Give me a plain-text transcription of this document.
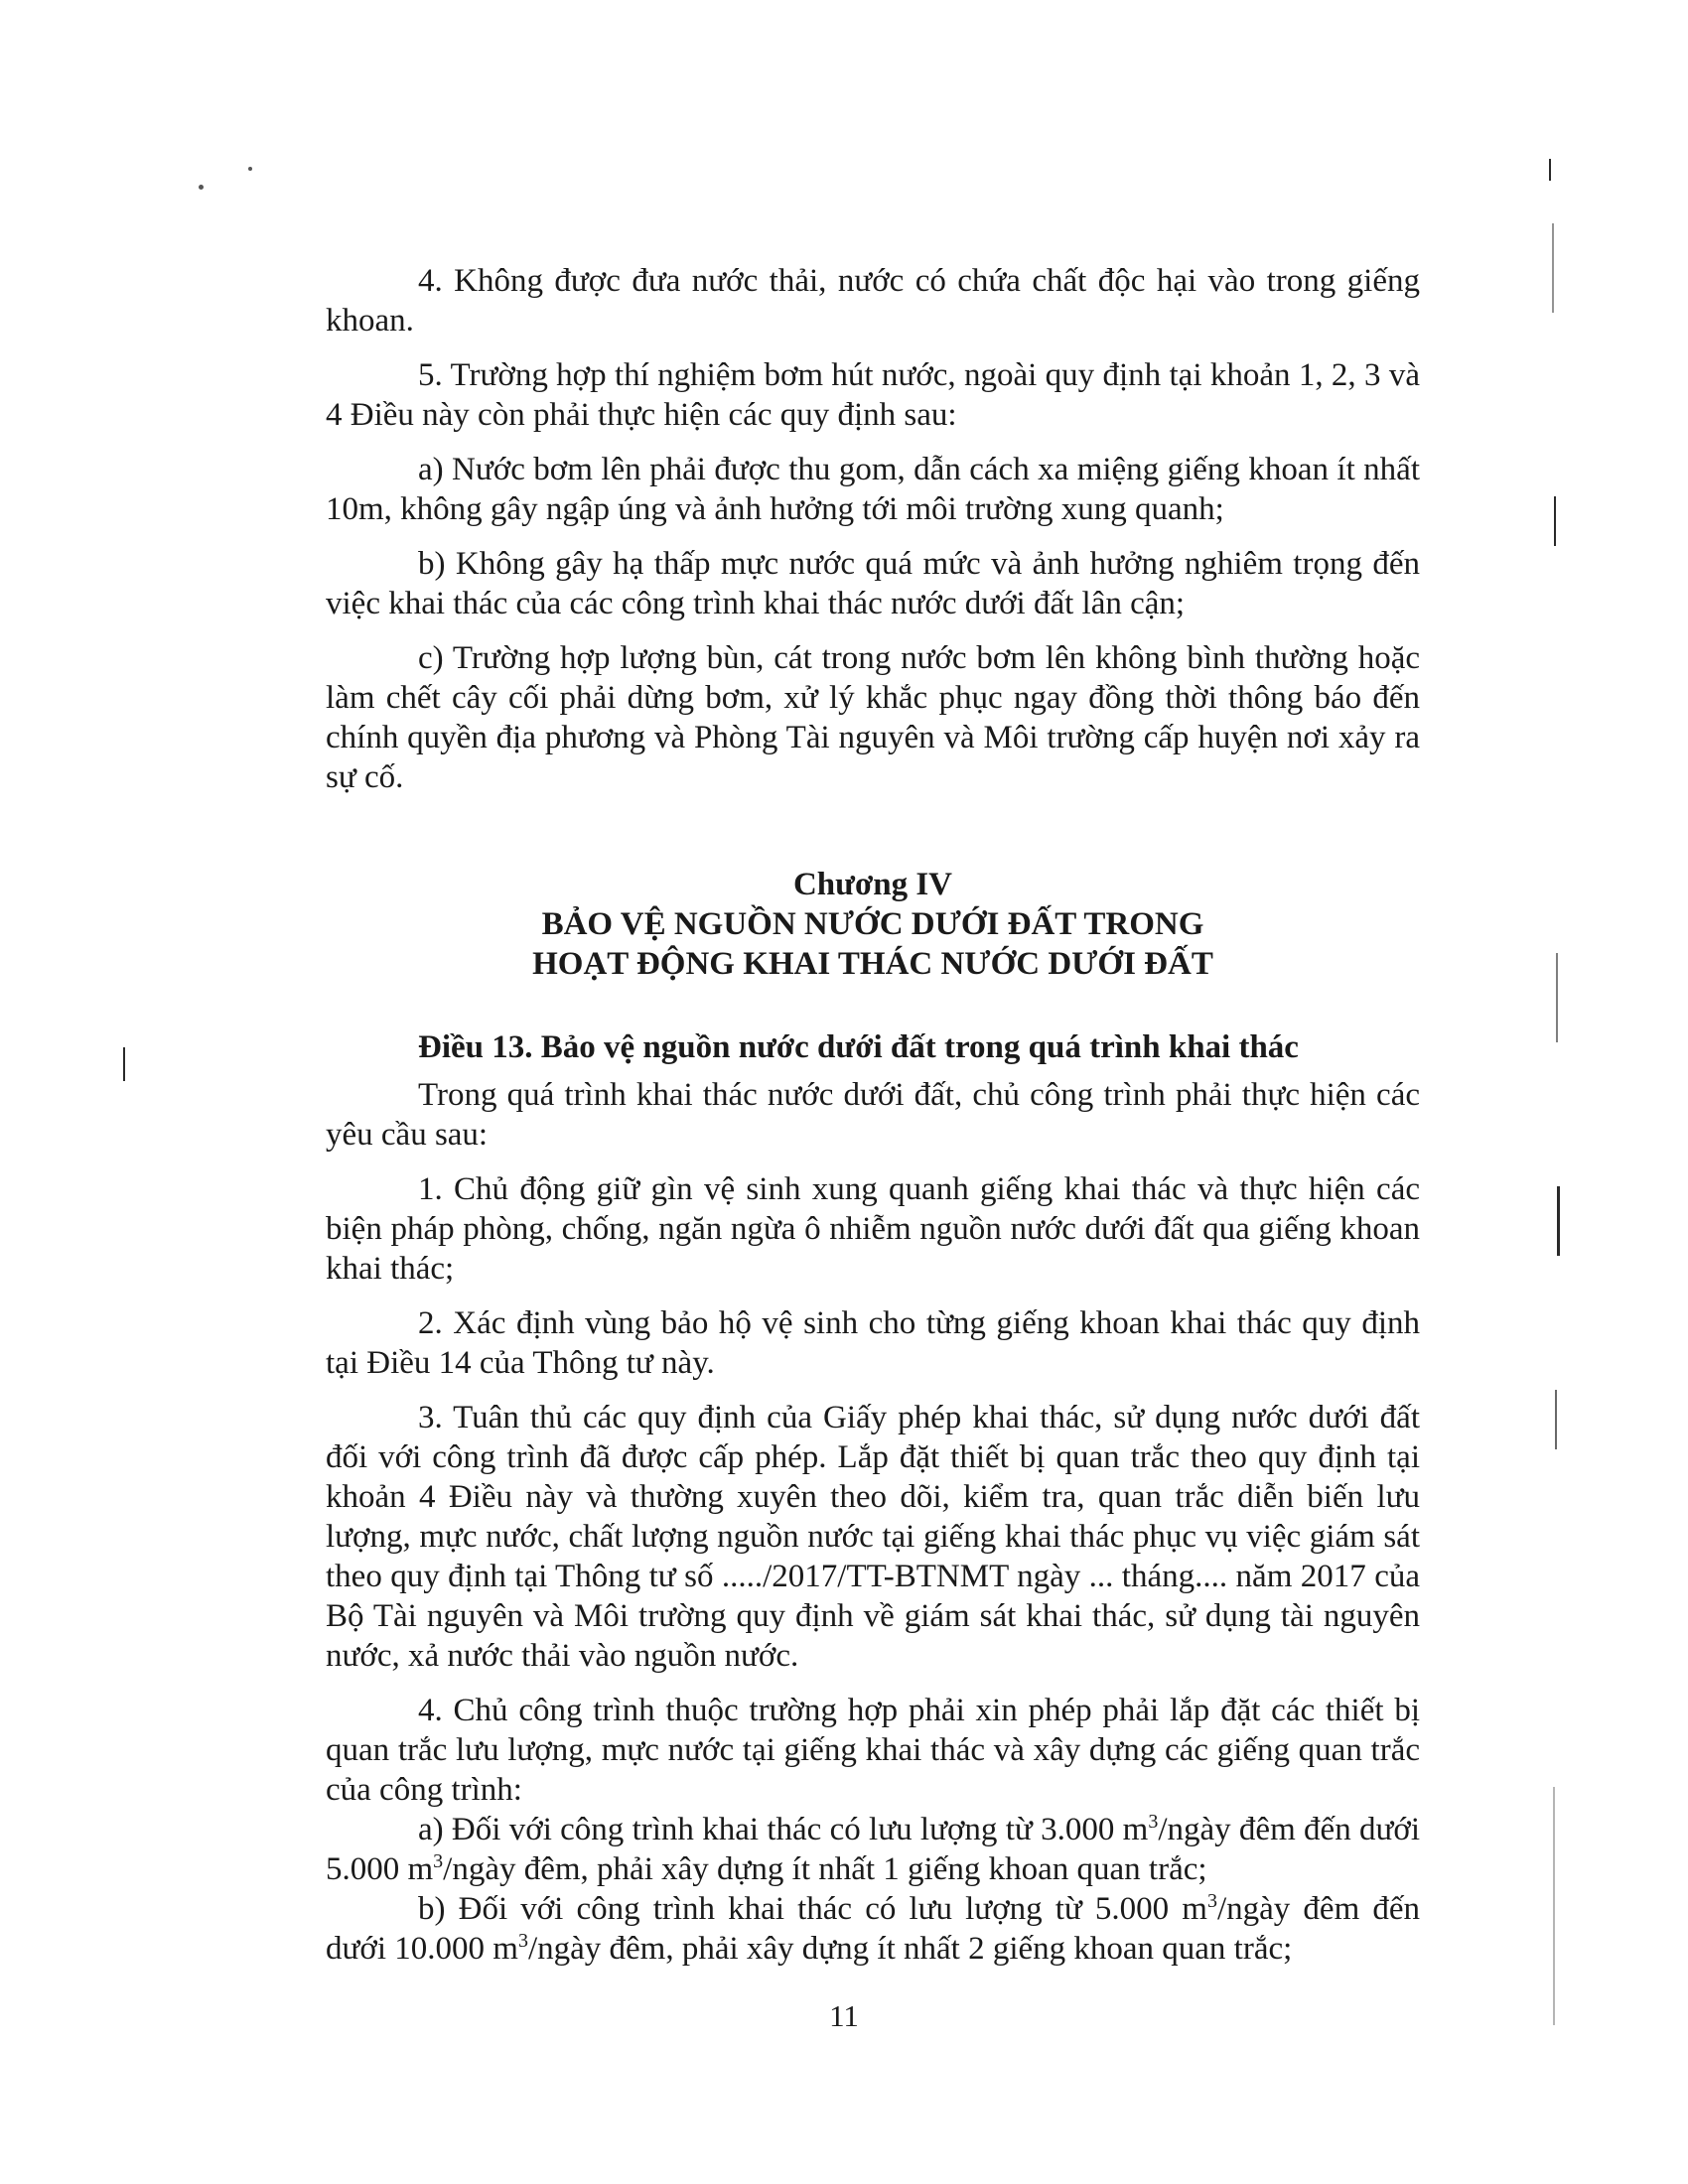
4. Không được đưa nước thải, nước có chứa chất độc hại vào trong giếng khoan.

5. Trường hợp thí nghiệm bơm hút nước, ngoài quy định tại khoản 1, 2, 3 và 4 Điều này còn phải thực hiện các quy định sau:

a) Nước bơm lên phải được thu gom, dẫn cách xa miệng giếng khoan ít nhất 10m, không gây ngập úng và ảnh hưởng tới môi trường xung quanh;

b) Không gây hạ thấp mực nước quá mức và ảnh hưởng nghiêm trọng đến việc khai thác của các công trình khai thác nước dưới đất lân cận;

c) Trường hợp lượng bùn, cát trong nước bơm lên không bình thường hoặc làm chết cây cối phải dừng bơm, xử lý khắc phục ngay đồng thời thông báo đến chính quyền địa phương và Phòng Tài nguyên và Môi trường cấp huyện nơi xảy ra sự cố.

Chương IV

BẢO VỆ NGUỒN NƯỚC DƯỚI ĐẤT TRONG

HOẠT ĐỘNG KHAI THÁC NƯỚC DƯỚI ĐẤT

Điều 13. Bảo vệ nguồn nước dưới đất trong quá trình khai thác

Trong quá trình khai thác nước dưới đất, chủ công trình phải thực hiện các yêu cầu sau:

1. Chủ động giữ gìn vệ sinh xung quanh giếng khai thác và thực hiện các biện pháp phòng, chống, ngăn ngừa ô nhiễm nguồn nước dưới đất qua giếng khoan khai thác;

2. Xác định vùng bảo hộ vệ sinh cho từng giếng khoan khai thác quy định tại Điều 14 của Thông tư này.

3. Tuân thủ các quy định của Giấy phép khai thác, sử dụng nước dưới đất đối với công trình đã được cấp phép. Lắp đặt thiết bị quan trắc theo quy định tại khoản 4 Điều này và thường xuyên theo dõi, kiểm tra, quan trắc diễn biến lưu lượng, mực nước, chất lượng nguồn nước tại giếng khai thác phục vụ việc giám sát theo quy định tại Thông tư số ...../2017/TT-BTNMT ngày ... tháng.... năm 2017 của Bộ Tài nguyên và Môi trường quy định về giám sát khai thác, sử dụng tài nguyên nước, xả nước thải vào nguồn nước.

4. Chủ công trình thuộc trường hợp phải xin phép phải lắp đặt các thiết bị quan trắc lưu lượng, mực nước tại giếng khai thác và xây dựng các giếng quan trắc của công trình:

a) Đối với công trình khai thác có lưu lượng từ 3.000 $m^3$/ngày đêm đến dưới 5.000 $m^3$/ngày đêm, phải xây dựng ít nhất 1 giếng khoan quan trắc;

b) Đối với công trình khai thác có lưu lượng từ 5.000 $m^3$/ngày đêm đến dưới 10.000 $m^3$/ngày đêm, phải xây dựng ít nhất 2 giếng khoan quan trắc;

11
